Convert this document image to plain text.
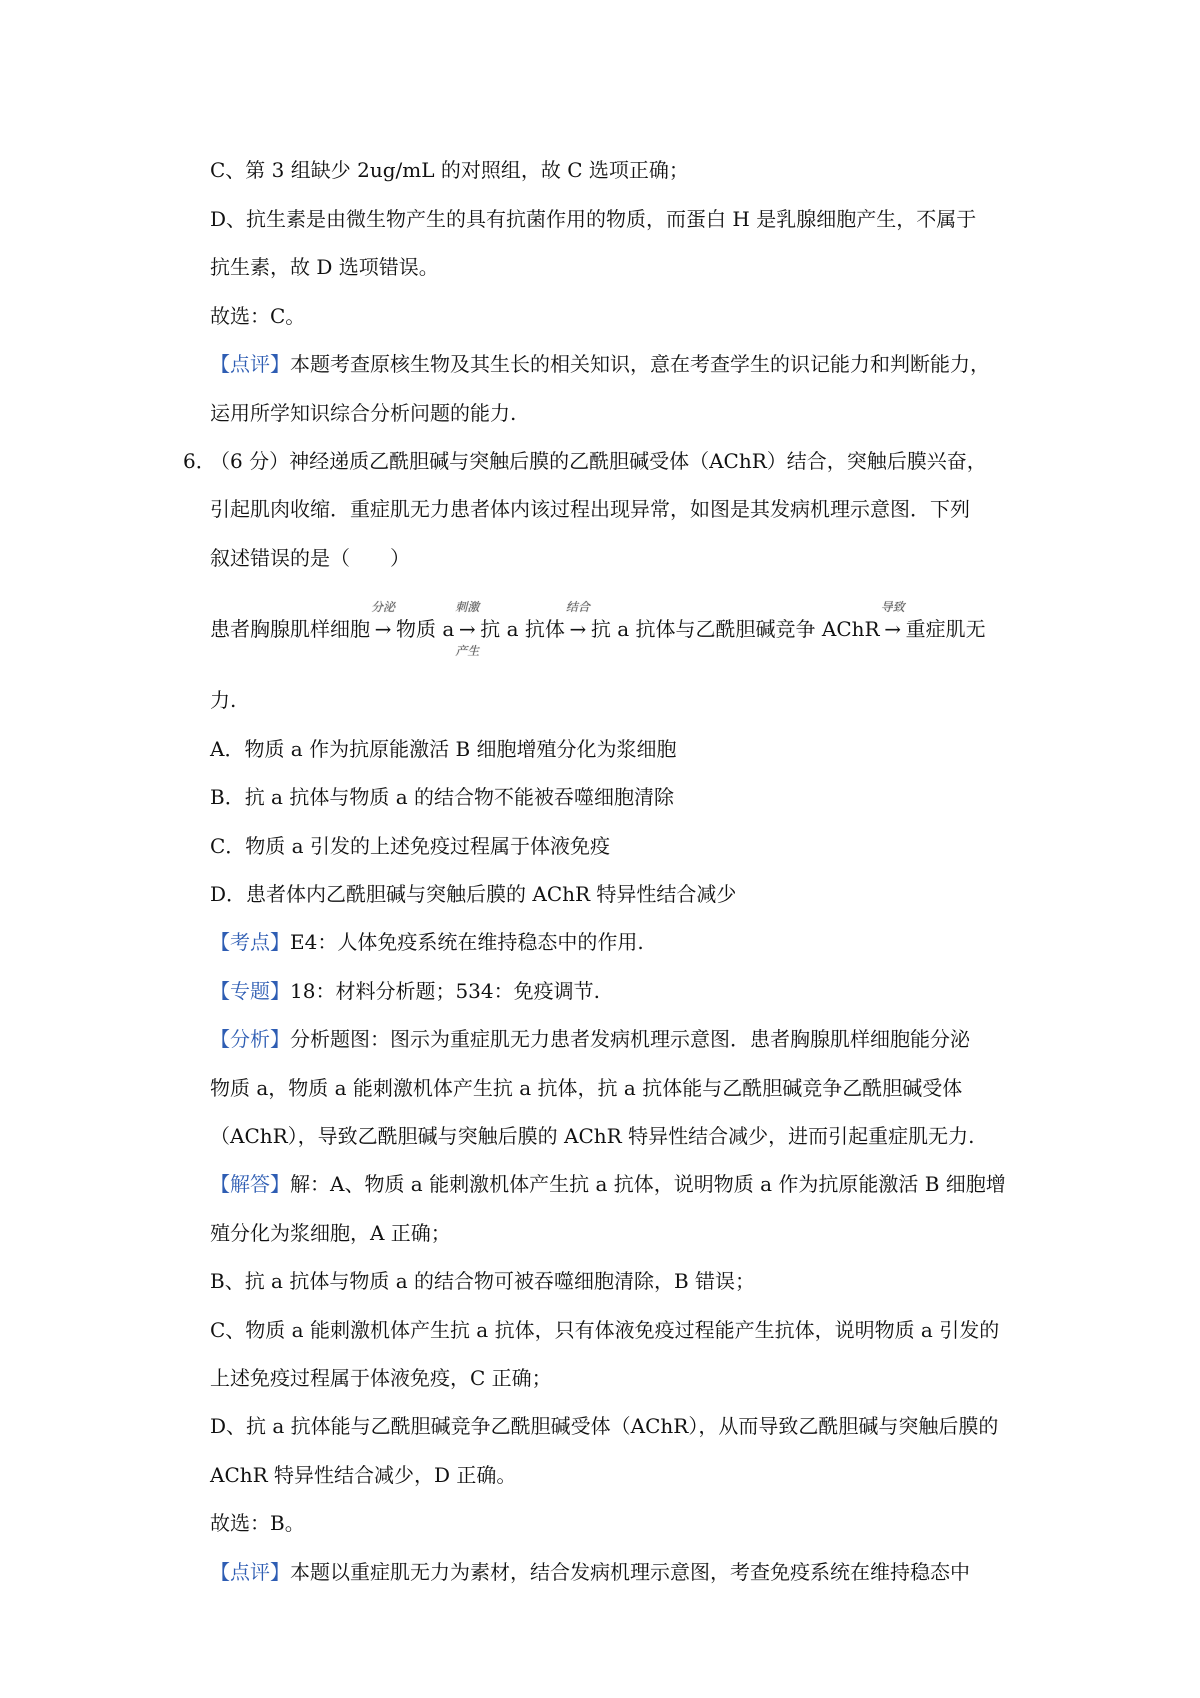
C、第 3 组缺少 2ug/mL 的对照组，故 C 选项正确；
D、抗生素是由微生物产生的具有抗菌作用的物质，而蛋白 H 是乳腺细胞产生，不属于
抗生素，故 D 选项错误。
故选：C。
【点评】本题考查原核生物及其生长的相关知识，意在考查学生的识记能力和判断能力，
运用所学知识综合分析问题的能力.
6．
（6 分）神经递质乙酰胆碱与突触后膜的乙酰胆碱受体（AChR）结合，突触后膜兴奋，
引起肌肉收缩．重症肌无力患者体内该过程出现异常，如图是其发病机理示意图．下列
叙述错误的是（　　）
患者胸腺肌样细胞
分泌
→ 物质 a
刺激
→
产生
抗 a 抗体
结合
→ 抗 a 抗体与乙酰胆碱竞争 AChR
导致
→ 重症肌无
力.
A．物质 a 作为抗原能激活 B 细胞增殖分化为浆细胞
B．抗 a 抗体与物质 a 的结合物不能被吞噬细胞清除
C．物质 a 引发的上述免疫过程属于体液免疫
D．患者体内乙酰胆碱与突触后膜的 AChR 特异性结合减少
【考点】E4：人体免疫系统在维持稳态中的作用.
【专题】18：材料分析题；534：免疫调节.
【分析】分析题图：图示为重症肌无力患者发病机理示意图．患者胸腺肌样细胞能分泌
物质 a，物质 a 能刺激机体产生抗 a 抗体，抗 a 抗体能与乙酰胆碱竞争乙酰胆碱受体
（AChR），导致乙酰胆碱与突触后膜的 AChR 特异性结合减少，进而引起重症肌无力.
【解答】解：A、物质 a 能刺激机体产生抗 a 抗体，说明物质 a 作为抗原能激活 B 细胞增
殖分化为浆细胞，A 正确；
B、抗 a 抗体与物质 a 的结合物可被吞噬细胞清除，B 错误；
C、物质 a 能刺激机体产生抗 a 抗体，只有体液免疫过程能产生抗体，说明物质 a 引发的
上述免疫过程属于体液免疫，C 正确；
D、抗 a 抗体能与乙酰胆碱竞争乙酰胆碱受体（AChR），从而导致乙酰胆碱与突触后膜的
AChR 特异性结合减少，D 正确。
故选：B。
【点评】本题以重症肌无力为素材，结合发病机理示意图，考查免疫系统在维持稳态中
